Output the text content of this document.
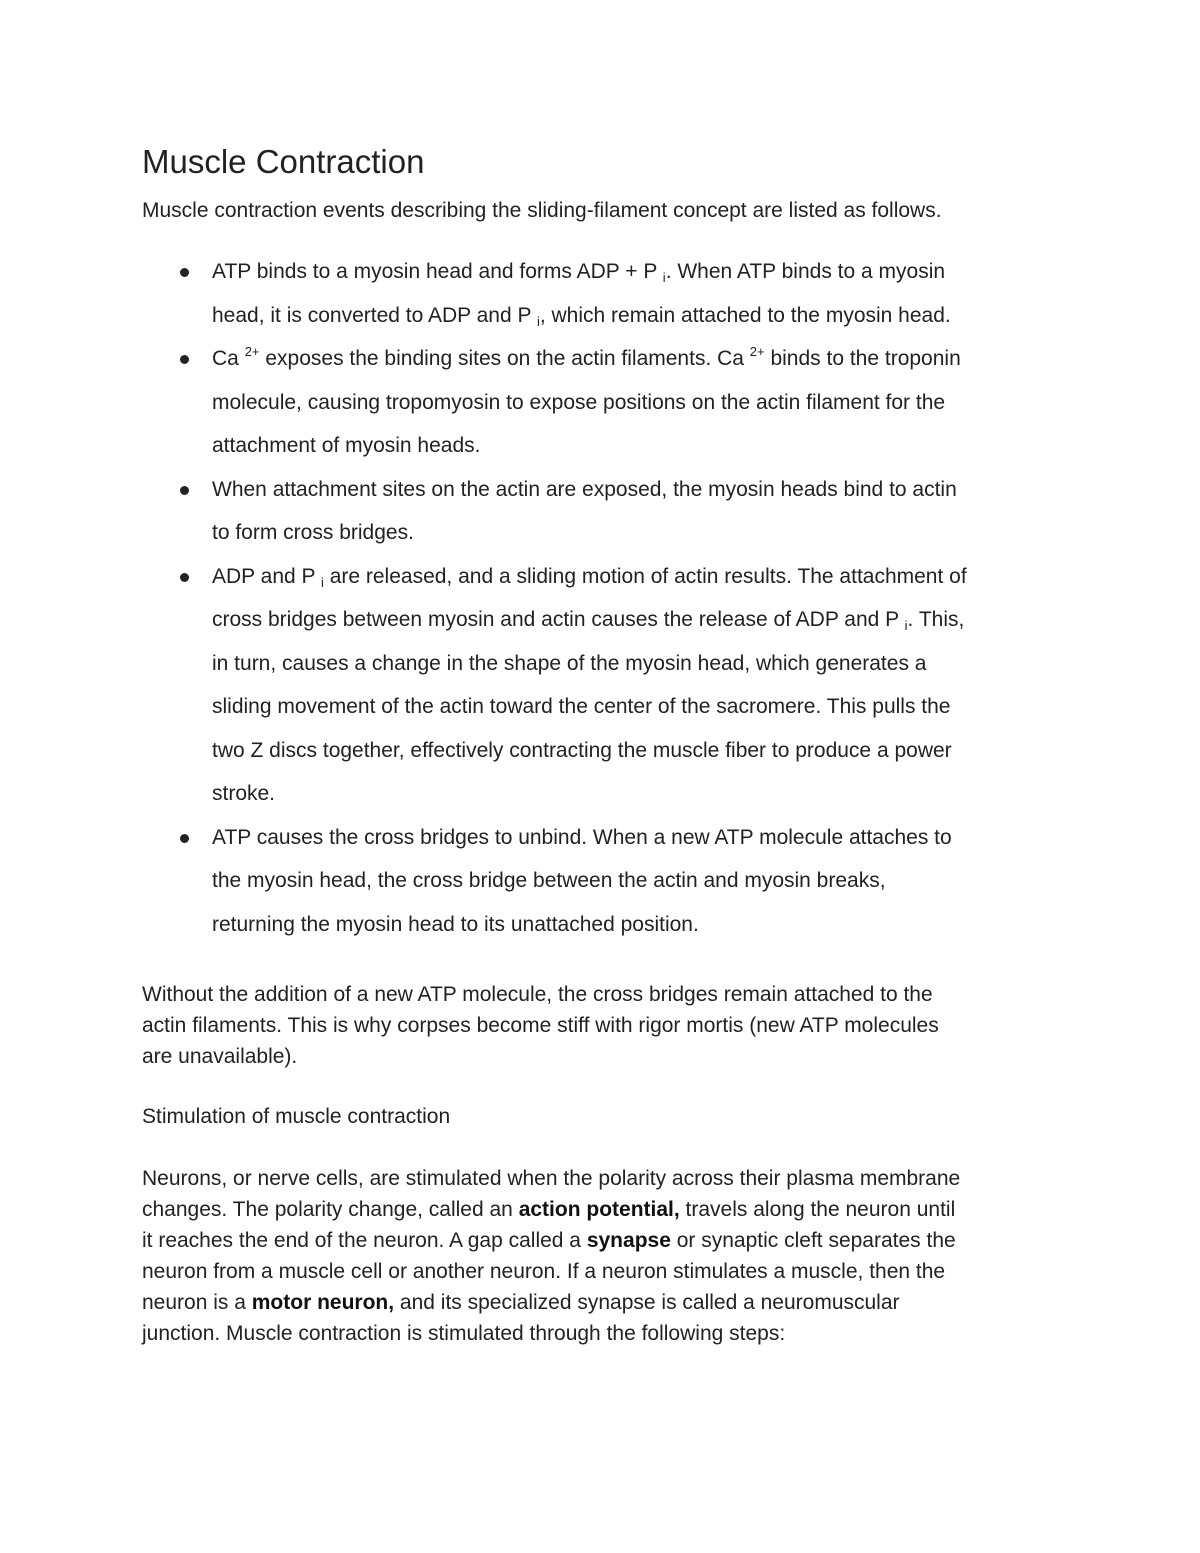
Muscle Contraction

Muscle contraction events describing the sliding-filament concept are listed as follows.

ATP binds to a myosin head and forms ADP + P $_i$. When ATP binds to a myosin
head, it is converted to ADP and P $_i$, which remain attached to the myosin head.
Ca $^{2+}$ exposes the binding sites on the actin filaments. Ca $^{2+}$ binds to the troponin
molecule, causing tropomyosin to expose positions on the actin filament for the
attachment of myosin heads.
When attachment sites on the actin are exposed, the myosin heads bind to actin
to form cross bridges.
ADP and P $_i$ are released, and a sliding motion of actin results. The attachment of
cross bridges between myosin and actin causes the release of ADP and P $_i$. This,
in turn, causes a change in the shape of the myosin head, which generates a
sliding movement of the actin toward the center of the sacromere. This pulls the
two Z discs together, effectively contracting the muscle fiber to produce a power
stroke.
ATP causes the cross bridges to unbind. When a new ATP molecule attaches to
the myosin head, the cross bridge between the actin and myosin breaks,
returning the myosin head to its unattached position.

Without the addition of a new ATP molecule, the cross bridges remain attached to the
actin filaments. This is why corpses become stiff with rigor mortis (new ATP molecules
are unavailable).

Stimulation of muscle contraction

Neurons, or nerve cells, are stimulated when the polarity across their plasma membrane
changes. The polarity change, called an action potential, travels along the neuron until
it reaches the end of the neuron. A gap called a synapse or synaptic cleft separates the
neuron from a muscle cell or another neuron. If a neuron stimulates a muscle, then the
neuron is a motor neuron, and its specialized synapse is called a neuromuscular
junction. Muscle contraction is stimulated through the following steps:
